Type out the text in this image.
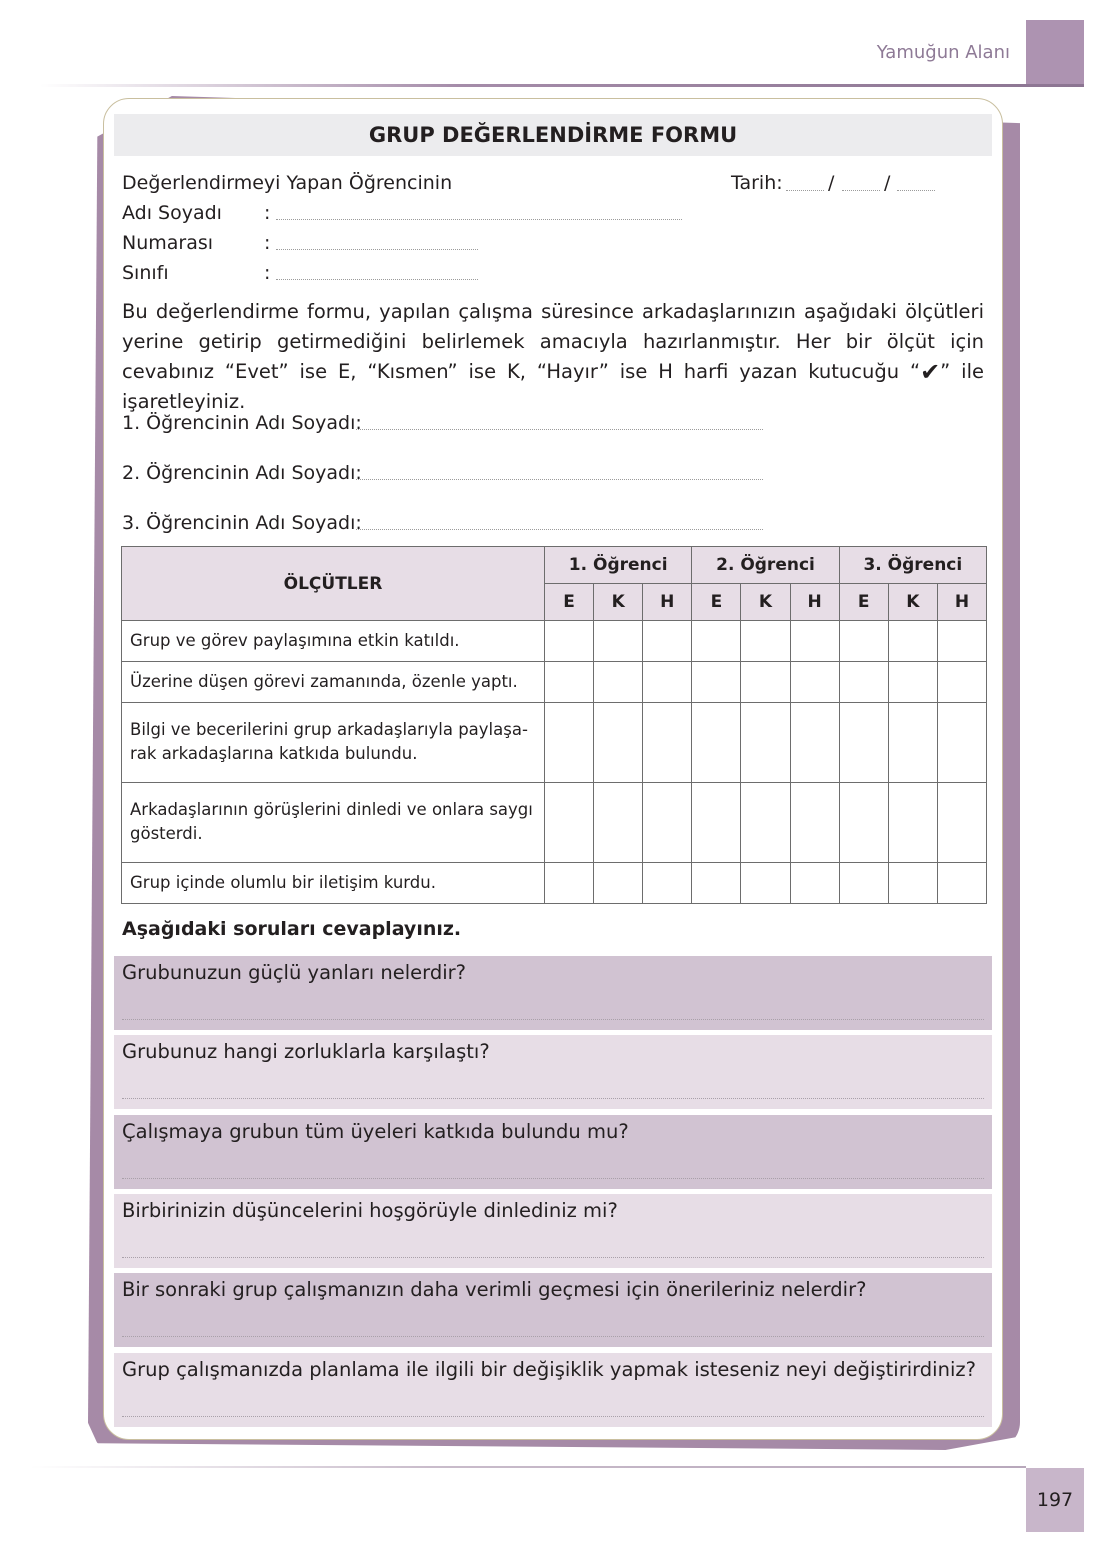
Yamuğun Alanı
GRUP DEĞERLENDİRME FORMU
Değerlendirmeyi Yapan Öğrencinin	Tarih: /	/
Adı Soyadı :
Numarası	:
Sınıfı	:
Bu değerlendirme formu, yapılan çalışma süresince arkadaşlarınızın aşağıdaki ölçütleri yerine getirip getirmediğini belirlemek amacıyla hazırlanmıştır. Her bir ölçüt için cevabınız “Evet” ise E, “Kısmen” ise K, “Hayır” ise H harfi yazan kutucuğu “✔” ile işaretleyiniz.
1. Öğrencinin Adı Soyadı:
2. Öğrencinin Adı Soyadı:
3. Öğrencinin Adı Soyadı:
ÖLÇÜTLER	1. Öğrenci			2. Öğrenci			3. Öğrenci		
	E	K	H	E	K	H	E	K	H
Grup ve görev paylaşımına etkin katıldı.									
Üzerine düşen görevi zamanında, özenle yaptı.									
Bilgi ve becerilerini grup arkadaşlarıyla paylaşa-rak arkadaşlarına katkıda bulundu.									
Arkadaşlarının görüşlerini dinledi ve onlara saygı gösterdi.									
Grup içinde olumlu bir iletişim kurdu.									
Aşağıdaki soruları cevaplayınız.
Grubunuzun güçlü yanları nelerdir?
Grubunuz hangi zorluklarla karşılaştı?
Çalışmaya grubun tüm üyeleri katkıda bulundu mu?
Birbirinizin düşüncelerini hoşgörüyle dinlediniz mi?
Bir sonraki grup çalışmanızın daha verimli geçmesi için önerileriniz nelerdir?
Grup çalışmanızda planlama ile ilgili bir değişiklik yapmak isteseniz neyi değiştirirdiniz?
197
